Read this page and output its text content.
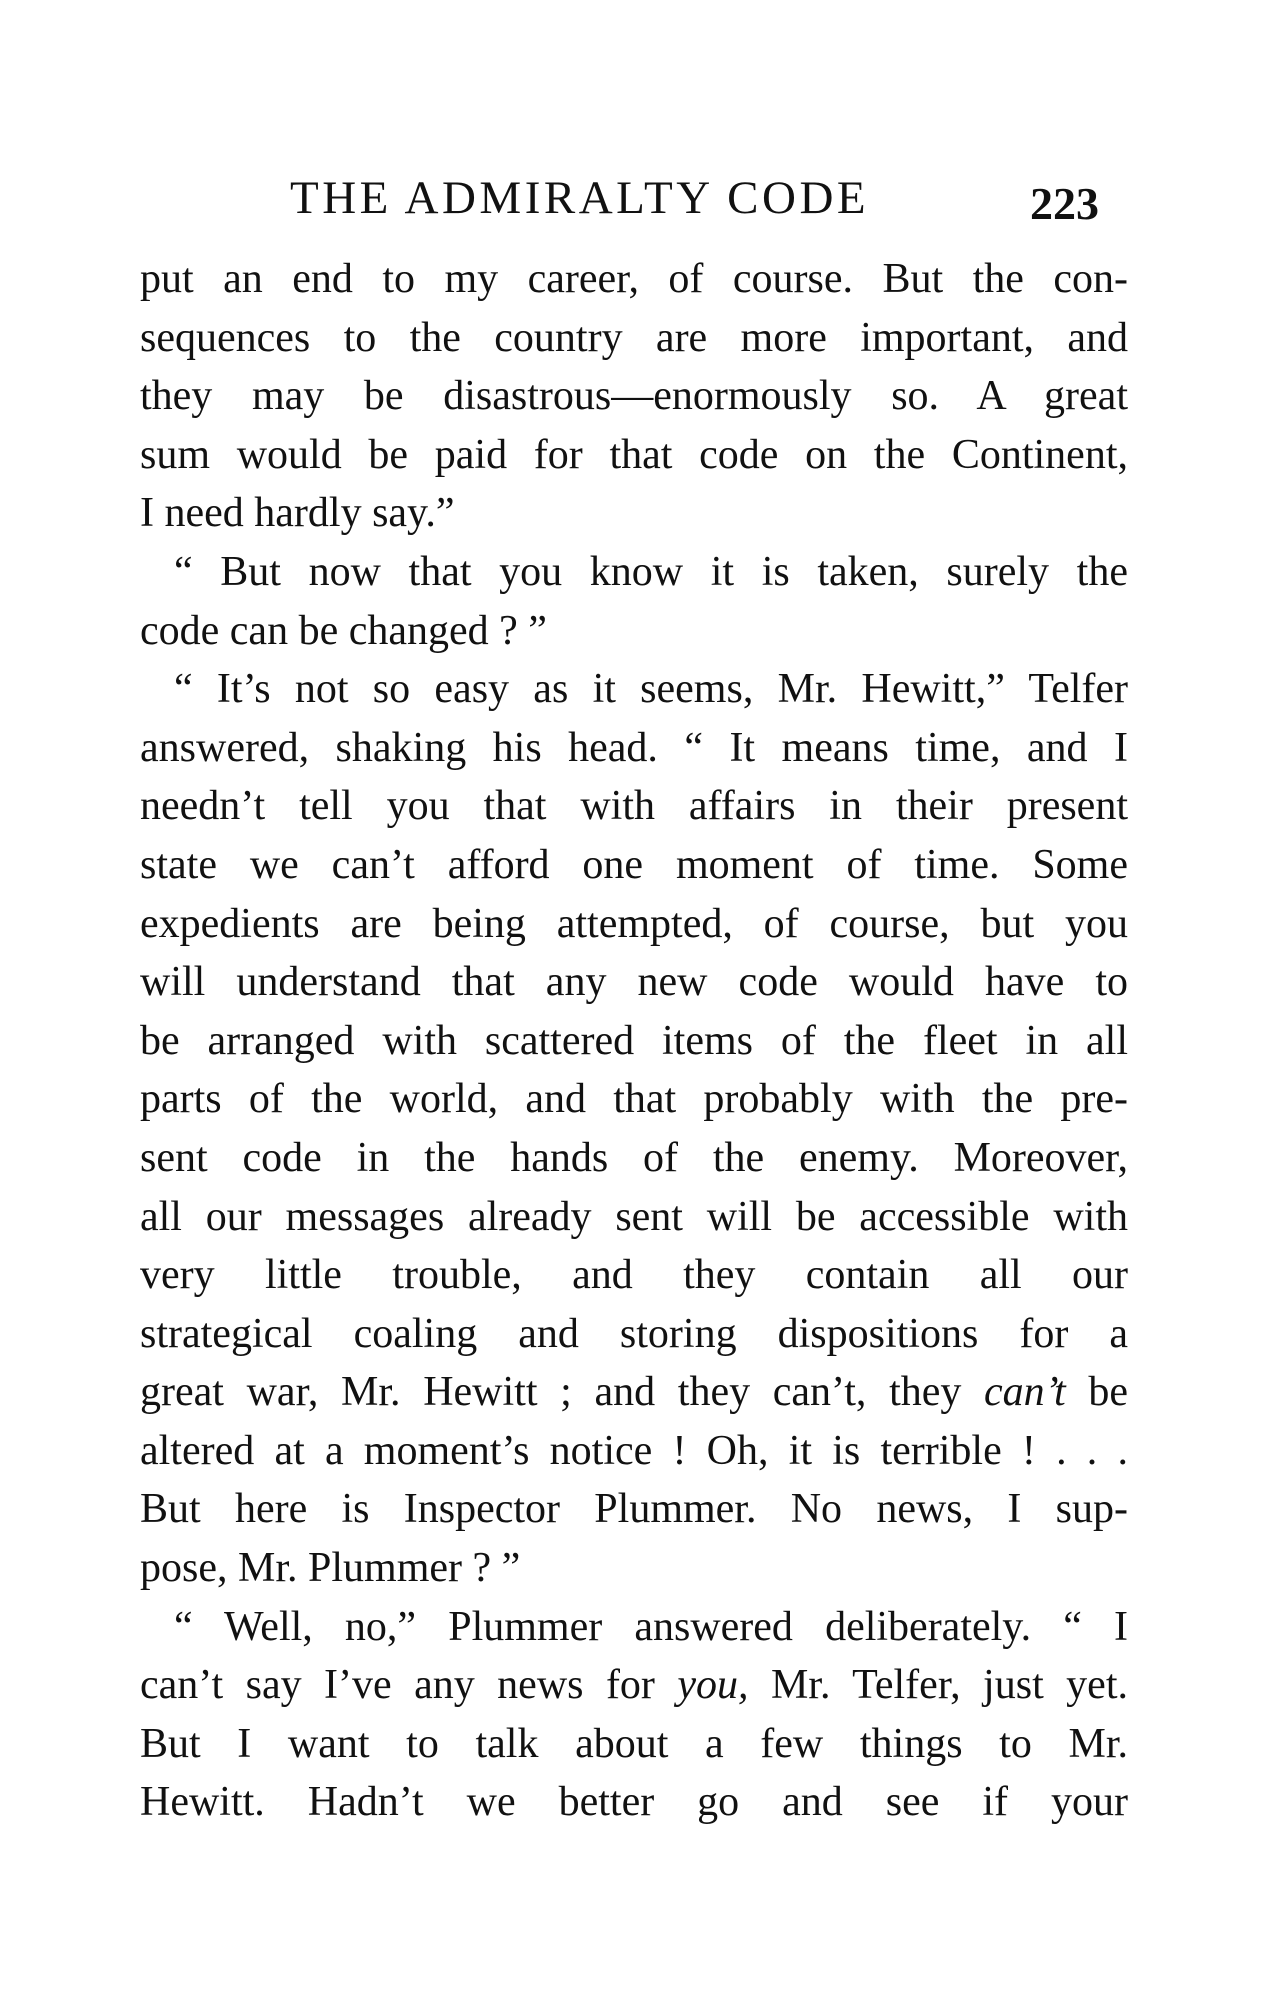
THE ADMIRALTY CODE	223
put an end to my career, of course. But the con-
sequences to the country are more important, and
they may be disastrous—enormously so. A great
sum would be paid for that code on the Continent,
I need hardly say.”
“ But now that you know it is taken, surely the
code can be changed ? ”
“ It’s not so easy as it seems, Mr. Hewitt,” Telfer
answered, shaking his head. “ It means time, and I
needn’t tell you that with affairs in their present
state we can’t afford one moment of time. Some
expedients are being attempted, of course, but you
will understand that any new code would have to
be arranged with scattered items of the fleet in all
parts of the world, and that probably with the pre-
sent code in the hands of the enemy. Moreover,
all our messages already sent will be accessible with
very little trouble, and they contain all our
strategical coaling and storing dispositions for a
great war, Mr. Hewitt ; and they can’t, they can’t be
altered at a moment’s notice ! Oh, it is terrible ! . . .
But here is Inspector Plummer. No news, I sup-
pose, Mr. Plummer ? ”
“ Well, no,” Plummer answered deliberately. “ I
can’t say I’ve any news for you, Mr. Telfer, just yet.
But I want to talk about a few things to Mr.
Hewitt. Hadn’t we better go and see if your
